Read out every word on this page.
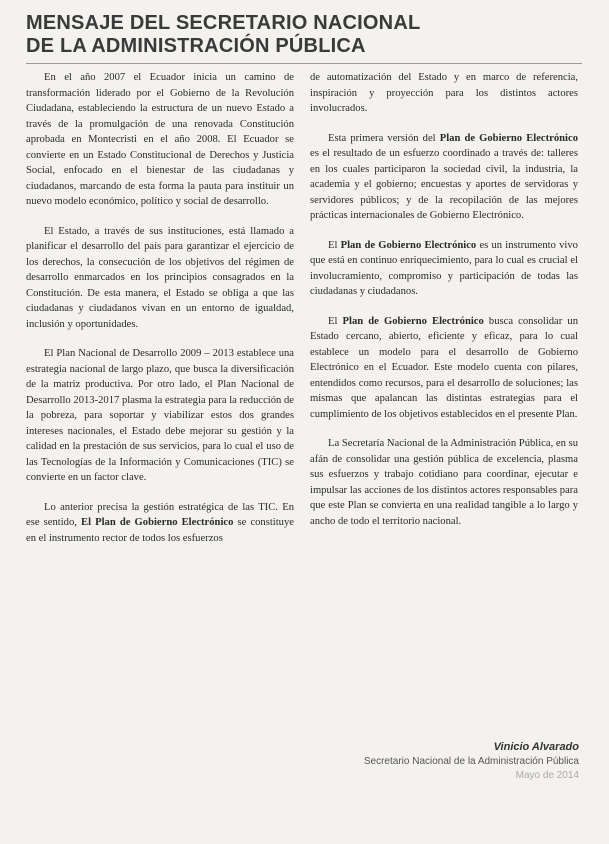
MENSAJE DEL SECRETARIO NACIONAL
DE LA ADMINISTRACIÓN PÚBLICA

En el año 2007 el Ecuador inicia un camino de transformación liderado por el Gobierno de la Revolución Ciudadana, estableciendo la estructura de un nuevo Estado a través de la promulgación de una renovada Constitución aprobada en Montecristi en el año 2008. El Ecuador se convierte en un Estado Constitucional de Derechos y Justicia Social, enfocado en el bienestar de las ciudadanas y ciudadanos, marcando de esta forma la pauta para instituir un nuevo modelo económico, político y social de desarrollo.

El Estado, a través de sus instituciones, está llamado a planificar el desarrollo del país para garantizar el ejercicio de los derechos, la consecución de los objetivos del régimen de desarrollo enmarcados en los principios consagrados en la Constitución. De esta manera, el Estado se obliga a que las ciudadanas y ciudadanos vivan en un entorno de igualdad, inclusión y oportunidades.

El Plan Nacional de Desarrollo 2009 – 2013 establece una estrategia nacional de largo plazo, que busca la diversificación de la matriz productiva. Por otro lado, el Plan Nacional de Desarrollo 2013-2017 plasma la estrategia para la reducción de la pobreza, para soportar y viabilizar estos dos grandes intereses nacionales, el Estado debe mejorar su gestión y la calidad en la prestación de sus servicios, para lo cual el uso de las Tecnologías de la Información y Comunicaciones (TIC) se convierte en un factor clave.

Lo anterior precisa la gestión estratégica de las TIC. En ese sentido, El Plan de Gobierno Electrónico se constituye en el instrumento rector de todos los esfuerzos

de automatización del Estado y en marco de referencia, inspiración y proyección para los distintos actores involucrados.

Esta primera versión del Plan de Gobierno Electrónico es el resultado de un esfuerzo coordinado a través de: talleres en los cuales participaron la sociedad civil, la industria, la academia y el gobierno; encuestas y aportes de servidoras y servidores públicos; y de la recopilación de las mejores prácticas internacionales de Gobierno Electrónico.

El Plan de Gobierno Electrónico es un instrumento vivo que está en continuo enriquecimiento, para lo cual es crucial el involucramiento, compromiso y participación de todas las ciudadanas y ciudadanos.

El Plan de Gobierno Electrónico busca consolidar un Estado cercano, abierto, eficiente y eficaz, para lo cual establece un modelo para el desarrollo de Gobierno Electrónico en el Ecuador. Este modelo cuenta con pilares, entendidos como recursos, para el desarrollo de soluciones; las mismas que apalancan las distintas estrategias para el cumplimiento de los objetivos establecidos en el presente Plan.

La Secretaría Nacional de la Administración Pública, en su afán de consolidar una gestión pública de excelencia, plasma sus esfuerzos y trabajo cotidiano para coordinar, ejecutar e impulsar las acciones de los distintos actores responsables para que este Plan se convierta en una realidad tangible a lo largo y ancho de todo el territorio nacional.

Vinicio Alvarado
Secretario Nacional de la Administración Pública
Mayo de 2014
